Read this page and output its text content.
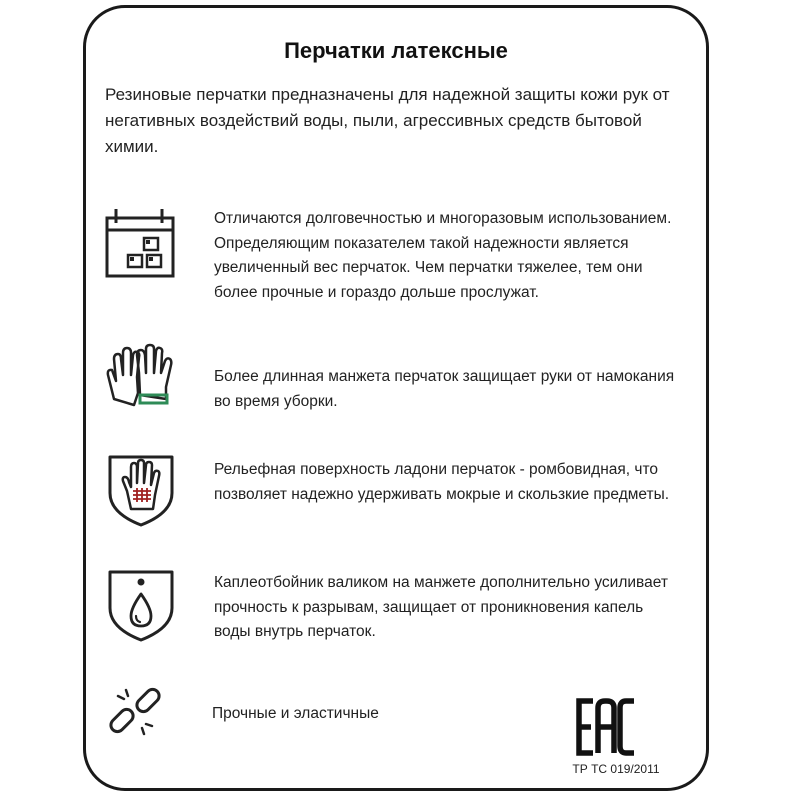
Перчатки латексные

Резиновые перчатки предназначены для надежной защиты кожи рук от негативных воздействий воды, пыли, агрессивных средств бытовой химии.

Отличаются долговечностью и многоразовым использованием. Определяющим показателем такой надежности является увеличенный вес перчаток. Чем перчатки тяжелее, тем они более прочные и гораздо дольше прослужат.

Более длинная манжета перчаток защищает руки от намокания во время уборки.

Рельефная поверхность ладони перчаток - ромбовидная, что позволяет надежно удерживать мокрые и скользкие предметы.

Каплеотбойник валиком на манжете дополнительно усиливает прочность к разрывам, защищает от проникновения капель воды внутрь перчаток.

Прочные и эластичные

ТР ТС 019/2011
